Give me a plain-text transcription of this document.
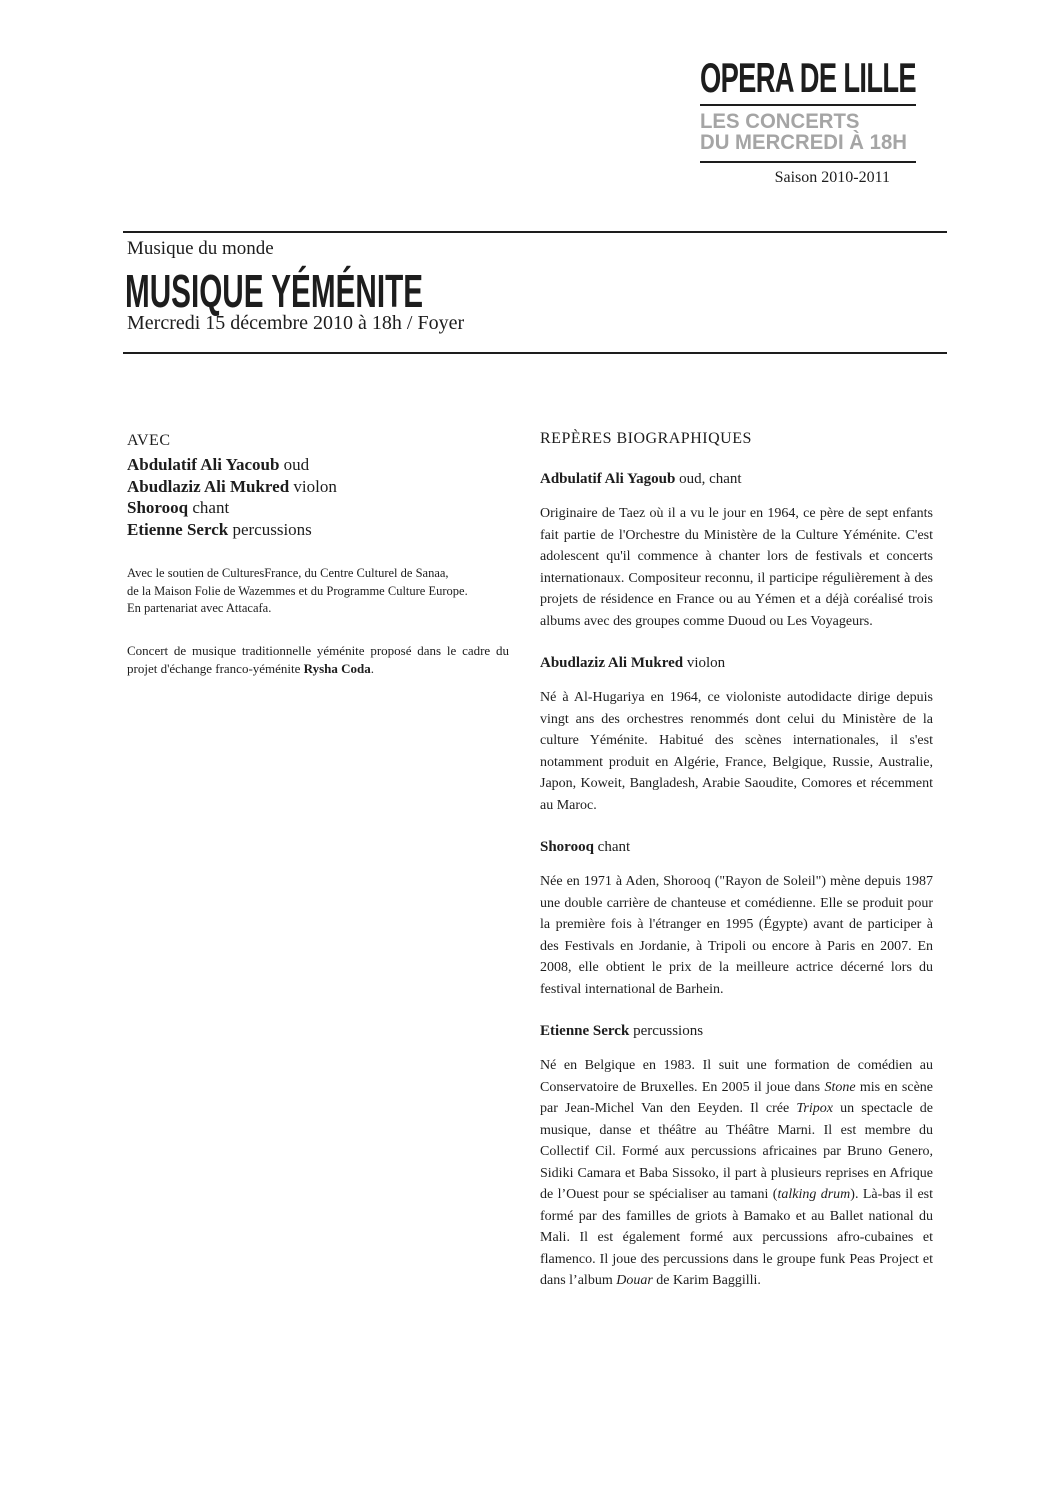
OPERA DE LILLE
LES CONCERTS
DU MERCREDI À 18H
Saison 2010-2011
Musique du monde
MUSIQUE YÉMÉNITE
Mercredi 15 décembre 2010 à 18h / Foyer
AVEC
Abdulatif Ali Yacoub oud
Abudlaziz Ali Mukred violon
Shorooq chant
Etienne Serck percussions
Avec le soutien de CulturesFrance, du Centre Culturel de Sanaa,
de la Maison Folie de Wazemmes et du Programme Culture Europe.
En partenariat avec Attacafa.
Concert de musique traditionnelle yéménite proposé dans le cadre du projet d'échange franco-yéménite Rysha Coda.
REPÈRES BIOGRAPHIQUES
Adbulatif Ali Yagoub oud, chant
Originaire de Taez où il a vu le jour en 1964, ce père de sept enfants fait partie de l'Orchestre du Ministère de la Culture Yéménite. C'est adolescent qu'il commence à chanter lors de festivals et concerts internationaux. Compositeur reconnu, il participe régulièrement à des projets de résidence en France ou au Yémen et a déjà coréalisé trois albums avec des groupes comme Duoud ou Les Voyageurs.
Abudlaziz Ali Mukred violon
Né à Al-Hugariya en 1964, ce violoniste autodidacte dirige depuis vingt ans des orchestres renommés dont celui du Ministère de la culture Yéménite. Habitué des scènes internationales, il s'est notamment produit en Algérie, France, Belgique, Russie, Australie, Japon, Koweit, Bangladesh, Arabie Saoudite, Comores et récemment au Maroc.
Shorooq chant
Née en 1971 à Aden, Shorooq ("Rayon de Soleil") mène depuis 1987 une double carrière de chanteuse et comédienne. Elle se produit pour la première fois à l'étranger en 1995 (Égypte) avant de participer à des Festivals en Jordanie, à Tripoli ou encore à Paris en 2007. En 2008, elle obtient le prix de la meilleure actrice décerné lors du festival international de Barhein.
Etienne Serck percussions
Né en Belgique en 1983. Il suit une formation de comédien au Conservatoire de Bruxelles. En 2005 il joue dans Stone mis en scène par Jean-Michel Van den Eeyden. Il crée Tripox un spectacle de musique, danse et théâtre au Théâtre Marni. Il est membre du Collectif Cil. Formé aux percussions africaines par Bruno Genero, Sidiki Camara et Baba Sissoko, il part à plusieurs reprises en Afrique de l’Ouest pour se spécialiser au tamani (talking drum). Là-bas il est formé par des familles de griots à Bamako et au Ballet national du Mali. Il est également formé aux percussions afro-cubaines et flamenco. Il joue des percussions dans le groupe funk Peas Project et dans l’album Douar de Karim Baggilli.
